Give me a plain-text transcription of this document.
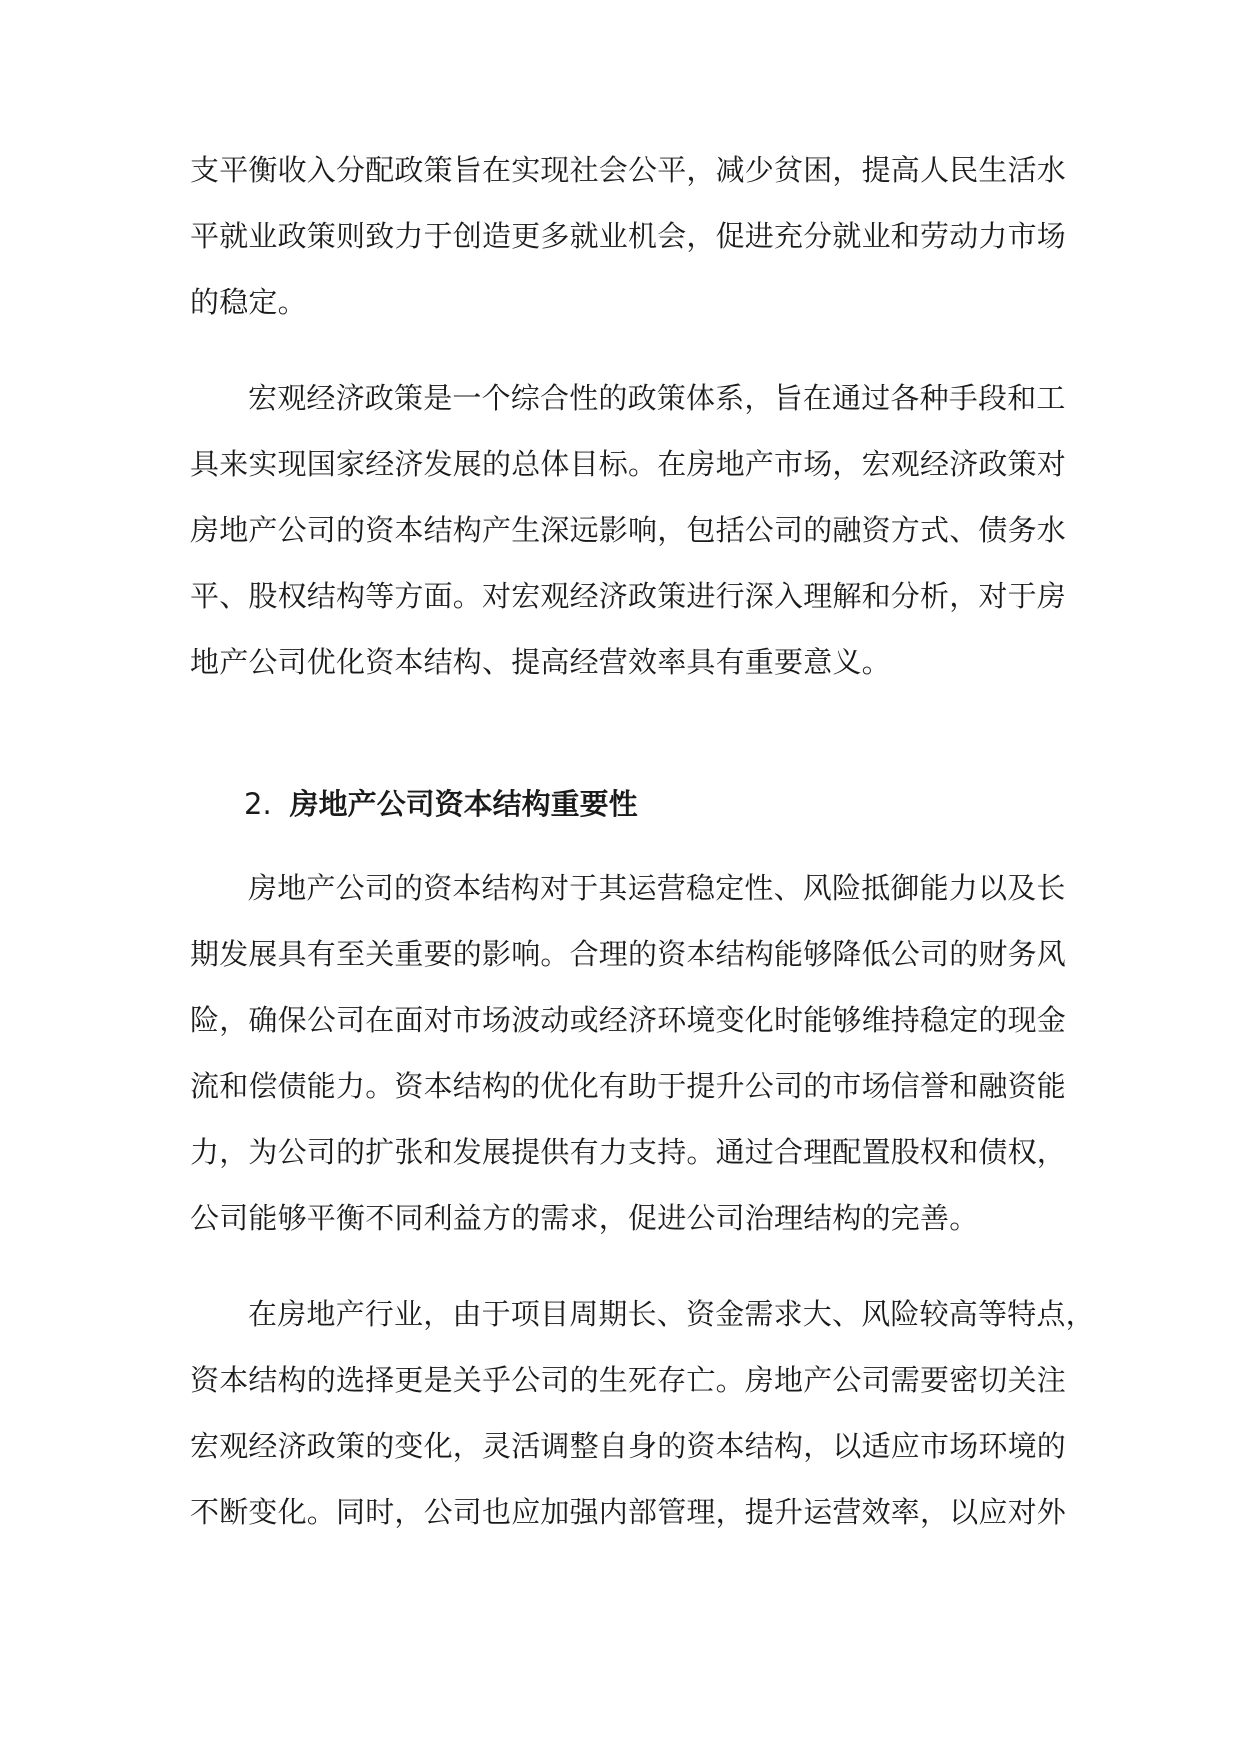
支平衡收入分配政策旨在实现社会公平，减少贫困，提高人民生活水
平就业政策则致力于创造更多就业机会，促进充分就业和劳动力市场
的稳定。
宏观经济政策是一个综合性的政策体系，旨在通过各种手段和工
具来实现国家经济发展的总体目标。在房地产市场，宏观经济政策对
房地产公司的资本结构产生深远影响，包括公司的融资方式、债务水
平、股权结构等方面。对宏观经济政策进行深入理解和分析，对于房
地产公司优化资本结构、提高经营效率具有重要意义。
2. 房地产公司资本结构重要性
房地产公司的资本结构对于其运营稳定性、风险抵御能力以及长
期发展具有至关重要的影响。合理的资本结构能够降低公司的财务风
险，确保公司在面对市场波动或经济环境变化时能够维持稳定的现金
流和偿债能力。资本结构的优化有助于提升公司的市场信誉和融资能
力，为公司的扩张和发展提供有力支持。通过合理配置股权和债权，
公司能够平衡不同利益方的需求，促进公司治理结构的完善。
在房地产行业，由于项目周期长、资金需求大、风险较高等特点，
资本结构的选择更是关乎公司的生死存亡。房地产公司需要密切关注
宏观经济政策的变化，灵活调整自身的资本结构，以适应市场环境的
不断变化。同时，公司也应加强内部管理，提升运营效率，以应对外
